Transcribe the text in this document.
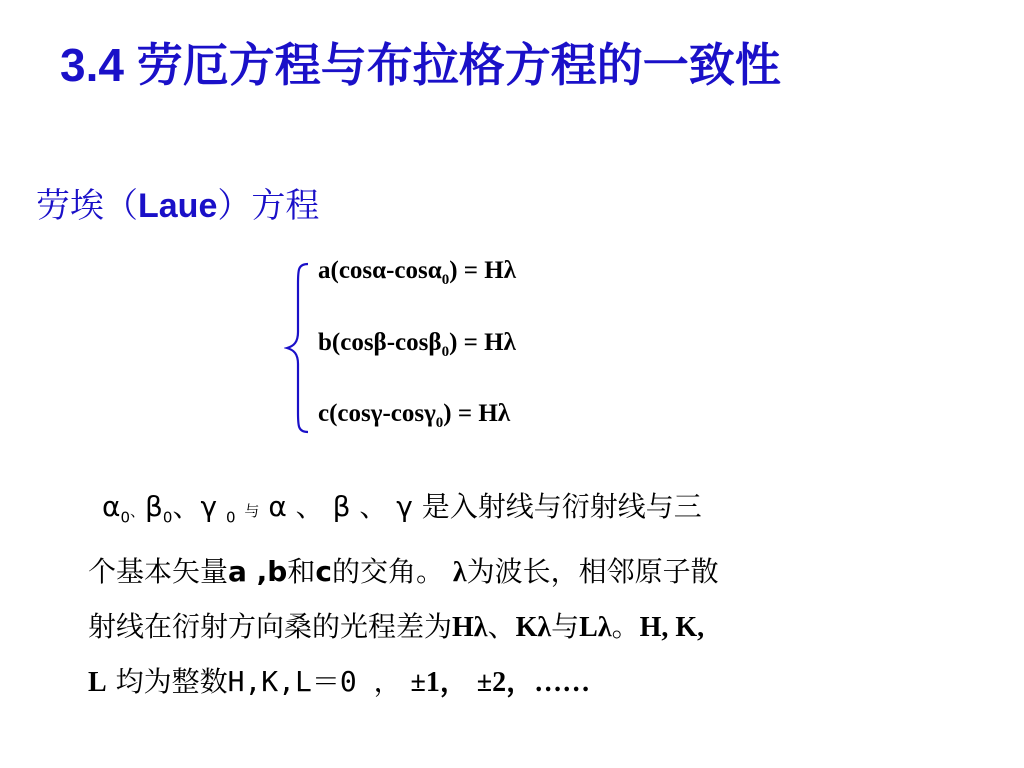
3.4 劳厄方程与布拉格方程的一致性
劳埃（Laue）方程
a(cosα-cosα$_0$) = Hλ
b(cosβ-cosβ$_0$) = Hλ
c(cosγ-cosγ$_0$) = Hλ
 $\alpha_0$、$\beta_0$、γ $_0$ 与 α 、 β 、 γ 是入射线与衍射线与三
个基本矢量a ,b和c的交角。 λ为波长，相邻原子散
射线在衍射方向桑的光程差为Hλ、Kλ与Lλ。H, K,
L 均为整数H,K,L＝0 ， ±1， ±2，……
